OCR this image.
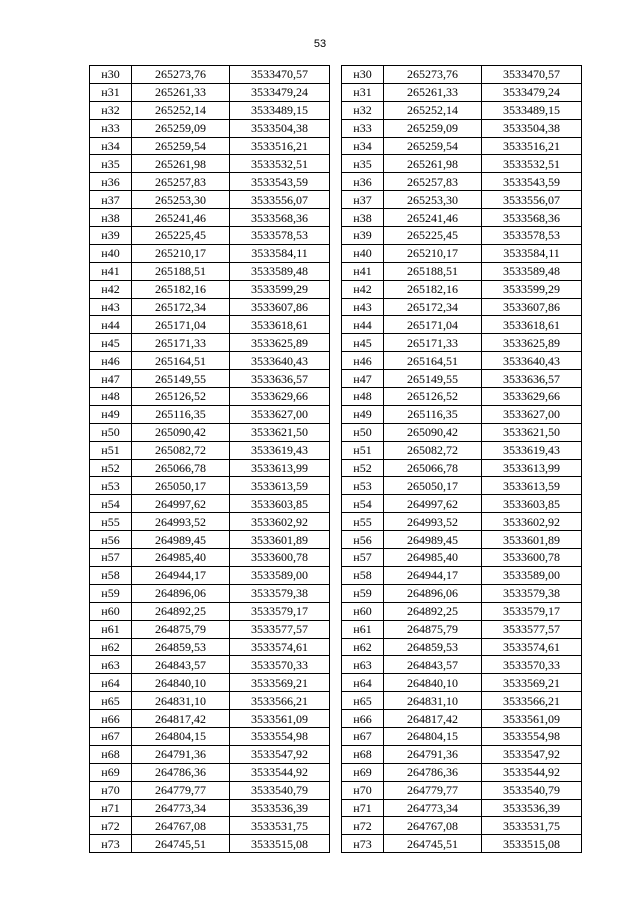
53
н30	265273,76	3533470,57
н31	265261,33	3533479,24
н32	265252,14	3533489,15
н33	265259,09	3533504,38
н34	265259,54	3533516,21
н35	265261,98	3533532,51
н36	265257,83	3533543,59
н37	265253,30	3533556,07
н38	265241,46	3533568,36
н39	265225,45	3533578,53
н40	265210,17	3533584,11
н41	265188,51	3533589,48
н42	265182,16	3533599,29
н43	265172,34	3533607,86
н44	265171,04	3533618,61
н45	265171,33	3533625,89
н46	265164,51	3533640,43
н47	265149,55	3533636,57
н48	265126,52	3533629,66
н49	265116,35	3533627,00
н50	265090,42	3533621,50
н51	265082,72	3533619,43
н52	265066,78	3533613,99
н53	265050,17	3533613,59
н54	264997,62	3533603,85
н55	264993,52	3533602,92
н56	264989,45	3533601,89
н57	264985,40	3533600,78
н58	264944,17	3533589,00
н59	264896,06	3533579,38
н60	264892,25	3533579,17
н61	264875,79	3533577,57
н62	264859,53	3533574,61
н63	264843,57	3533570,33
н64	264840,10	3533569,21
н65	264831,10	3533566,21
н66	264817,42	3533561,09
н67	264804,15	3533554,98
н68	264791,36	3533547,92
н69	264786,36	3533544,92
н70	264779,77	3533540,79
н71	264773,34	3533536,39
н72	264767,08	3533531,75
н73	264745,51	3533515,08
н30	265273,76	3533470,57
н31	265261,33	3533479,24
н32	265252,14	3533489,15
н33	265259,09	3533504,38
н34	265259,54	3533516,21
н35	265261,98	3533532,51
н36	265257,83	3533543,59
н37	265253,30	3533556,07
н38	265241,46	3533568,36
н39	265225,45	3533578,53
н40	265210,17	3533584,11
н41	265188,51	3533589,48
н42	265182,16	3533599,29
н43	265172,34	3533607,86
н44	265171,04	3533618,61
н45	265171,33	3533625,89
н46	265164,51	3533640,43
н47	265149,55	3533636,57
н48	265126,52	3533629,66
н49	265116,35	3533627,00
н50	265090,42	3533621,50
н51	265082,72	3533619,43
н52	265066,78	3533613,99
н53	265050,17	3533613,59
н54	264997,62	3533603,85
н55	264993,52	3533602,92
н56	264989,45	3533601,89
н57	264985,40	3533600,78
н58	264944,17	3533589,00
н59	264896,06	3533579,38
н60	264892,25	3533579,17
н61	264875,79	3533577,57
н62	264859,53	3533574,61
н63	264843,57	3533570,33
н64	264840,10	3533569,21
н65	264831,10	3533566,21
н66	264817,42	3533561,09
н67	264804,15	3533554,98
н68	264791,36	3533547,92
н69	264786,36	3533544,92
н70	264779,77	3533540,79
н71	264773,34	3533536,39
н72	264767,08	3533531,75
н73	264745,51	3533515,08
